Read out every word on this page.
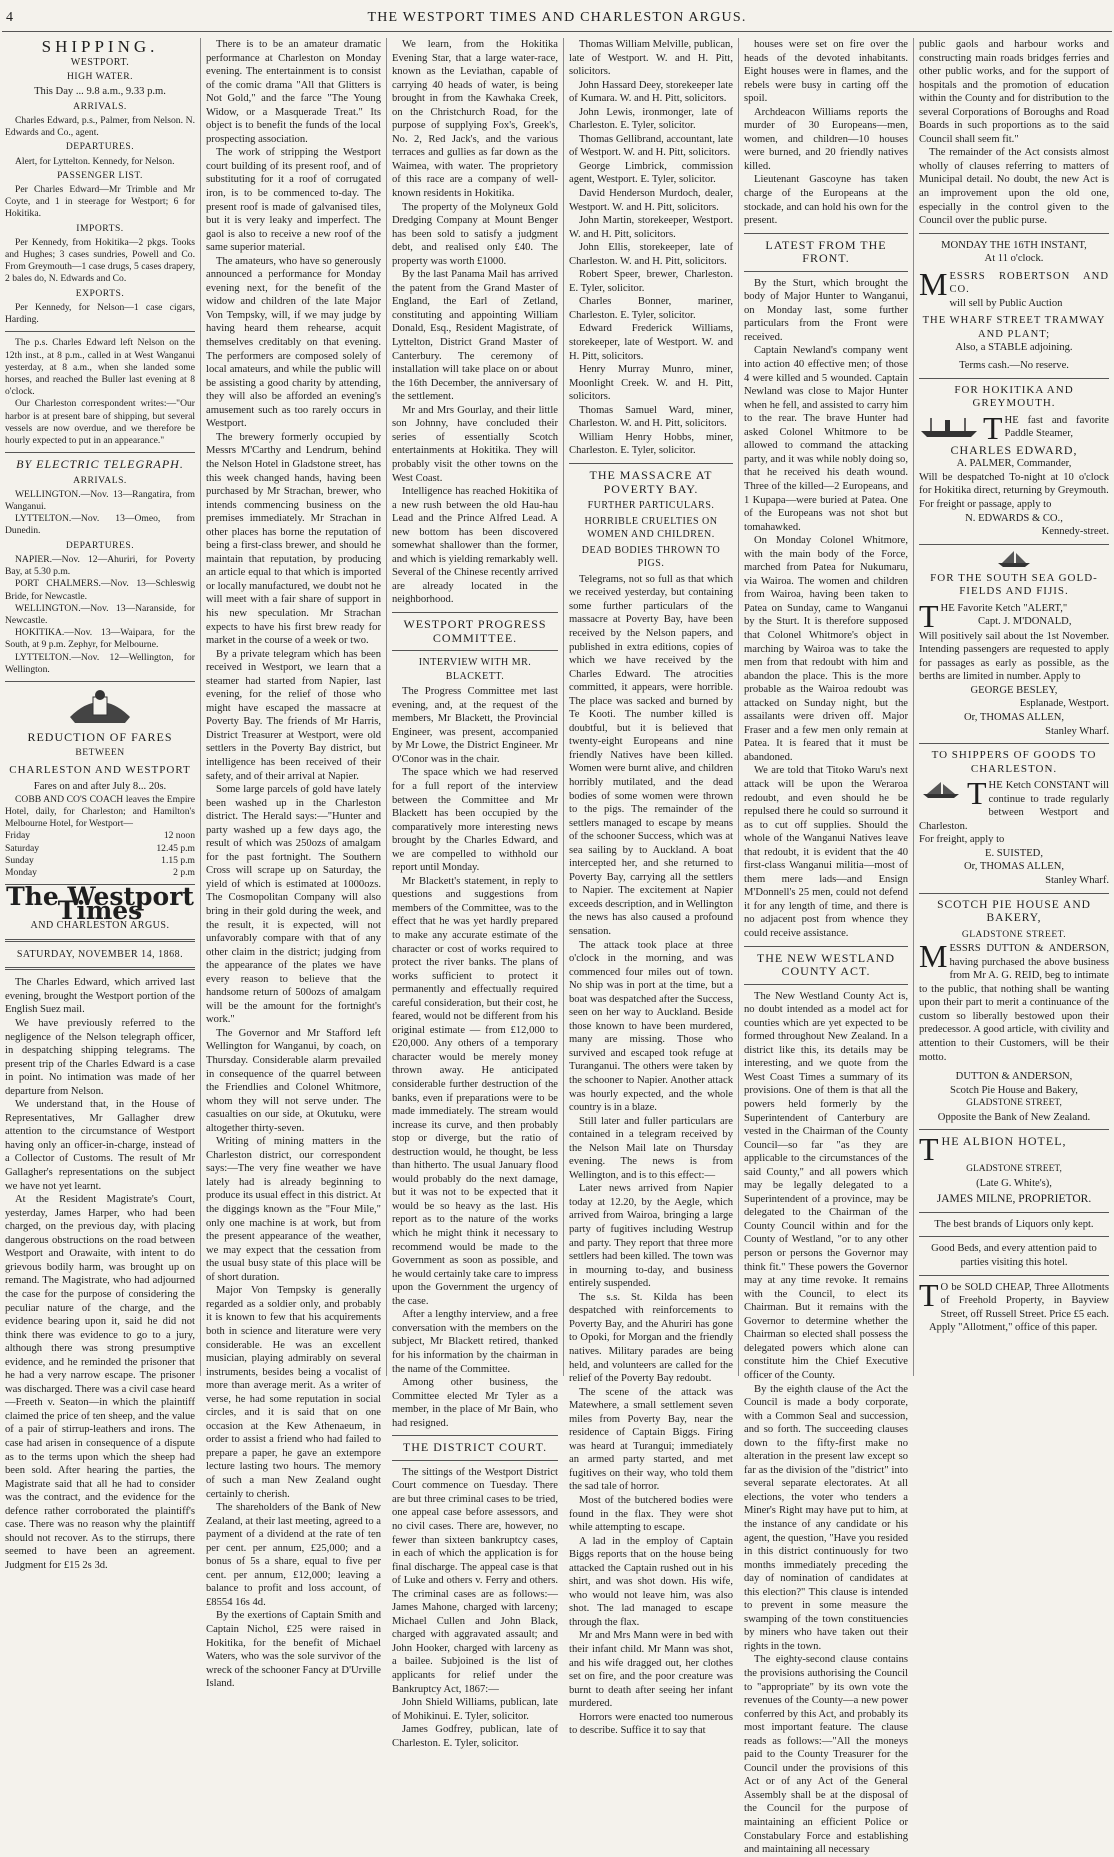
4	THE WESTPORT TIMES AND CHARLESTON ARGUS.
SHIPPING.
WESTPORT.
HIGH WATER.

This Day ... 9.8 a.m., 9.33 p.m.

ARRIVALS.

Charles Edward, p.s., Palmer, from Nelson. N. Edwards and Co., agent.

DEPARTURES.

Alert, for Lyttelton. Kennedy, for Nelson.

PASSENGER LIST.

Per Charles Edward—Mr Trimble and Mr Coyte, and 1 in steerage for Westport; 6 for Hokitika.

IMPORTS.

Per Kennedy, from Hokitika—2 pkgs. Tooks and Hughes; 3 cases sundries, Powell and Co. From Greymouth—1 case drugs, 5 cases drapery, 2 bales do, N. Edwards and Co.

EXPORTS.

Per Kennedy, for Nelson—1 case cigars, Harding.

The p.s. Charles Edward left Nelson on the 12th inst., at 8 p.m., called in at West Wanganui yesterday, at 8 a.m., when she landed some horses, and reached the Buller last evening at 8 o'clock.

Our Charleston correspondent writes:—"Our harbor is at present bare of shipping, but several vessels are now overdue, and we therefore be hourly expected to put in an appearance."

BY ELECTRIC TELEGRAPH.
ARRIVALS.

WELLINGTON.—Nov. 13—Rangatira, from Wanganui.

LYTTELTON.—Nov. 13—Omeo, from Dunedin.

DEPARTURES.

NAPIER.—Nov. 12—Ahuriri, for Poverty Bay, at 5.30 p.m.

PORT CHALMERS.—Nov. 13—Schleswig Bride, for Newcastle.

WELLINGTON.—Nov. 13—Naranside, for Newcastle.

HOKITIKA.—Nov. 13—Waipara, for the South, at 9 p.m. Zephyr, for Melbourne.

LYTTELTON.—Nov. 12—Wellington, for Wellington.

REDUCTION OF FARES
BETWEEN
CHARLESTON AND WESTPORT

Fares on and after July 8... 20s.

COBB AND CO'S COACH leaves the Empire Hotel, daily, for Charleston; and Hamilton's Melbourne Hotel, for Westport—

Friday	12 noon
Saturday	12.45 p.m
Sunday	1.15 p.m
Monday	2 p.m
The Westport Times
AND CHARLESTON ARGUS.
SATURDAY, NOVEMBER 14, 1868.

The Charles Edward, which arrived last evening, brought the Westport portion of the English Suez mail.

We have previously referred to the negligence of the Nelson telegraph officer, in despatching shipping telegrams. The present trip of the Charles Edward is a case in point. No intimation was made of her departure from Nelson.

We understand that, in the House of Representatives, Mr Gallagher drew attention to the circumstance of Westport having only an officer-in-charge, instead of a Collector of Customs. The result of Mr Gallagher's representations on the subject we have not yet learnt.

At the Resident Magistrate's Court, yesterday, James Harper, who had been charged, on the previous day, with placing dangerous obstructions on the road between Westport and Orawaite, with intent to do grievous bodily harm, was brought up on remand. The Magistrate, who had adjourned the case for the purpose of considering the peculiar nature of the charge, and the evidence bearing upon it, said he did not think there was evidence to go to a jury, although there was strong presumptive evidence, and he reminded the prisoner that he had a very narrow escape. The prisoner was discharged. There was a civil case heard—Freeth v. Seaton—in which the plaintiff claimed the price of ten sheep, and the value of a pair of stirrup-leathers and irons. The case had arisen in consequence of a dispute as to the terms upon which the sheep had been sold. After hearing the parties, the Magistrate said that all he had to consider was the contract, and the evidence for the defence rather corroborated the plaintiff's case. There was no reason why the plaintiff should not recover. As to the stirrups, there seemed to have been an agreement. Judgment for £15 2s 3d.

There is to be an amateur dramatic performance at Charleston on Monday evening. The entertainment is to consist of the comic drama "All that Glitters is Not Gold," and the farce "The Young Widow, or a Masquerade Treat." Its object is to benefit the funds of the local prospecting association.

The work of stripping the Westport court building of its present roof, and of substituting for it a roof of corrugated iron, is to be commenced to-day. The present roof is made of galvanised tiles, but it is very leaky and imperfect. The gaol is also to receive a new roof of the same superior material.

The amateurs, who have so generously announced a performance for Monday evening next, for the benefit of the widow and children of the late Major Von Tempsky, will, if we may judge by having heard them rehearse, acquit themselves creditably on that evening. The performers are composed solely of local amateurs, and while the public will be assisting a good charity by attending, they will also be afforded an evening's amusement such as too rarely occurs in Westport.

The brewery formerly occupied by Messrs M'Carthy and Lendrum, behind the Nelson Hotel in Gladstone street, has this week changed hands, having been purchased by Mr Strachan, brewer, who intends commencing business on the premises immediately. Mr Strachan in other places has borne the reputation of being a first-class brewer, and should he maintain that reputation, by producing an article equal to that which is imported or locally manufactured, we doubt not he will meet with a fair share of support in his new speculation. Mr Strachan expects to have his first brew ready for market in the course of a week or two.

By a private telegram which has been received in Westport, we learn that a steamer had started from Napier, last evening, for the relief of those who might have escaped the massacre at Poverty Bay. The friends of Mr Harris, District Treasurer at Westport, were old settlers in the Poverty Bay district, but intelligence has been received of their safety, and of their arrival at Napier.

Some large parcels of gold have lately been washed up in the Charleston district. The Herald says:—"Hunter and party washed up a few days ago, the result of which was 250ozs of amalgam for the past fortnight. The Southern Cross will scrape up on Saturday, the yield of which is estimated at 1000ozs. The Cosmopolitan Company will also bring in their gold during the week, and the result, it is expected, will not unfavorably compare with that of any other claim in the district; judging from the appearance of the plates we have every reason to believe that the handsome return of 500ozs of amalgam will be the amount for the fortnight's work."

The Governor and Mr Stafford left Wellington for Wanganui, by coach, on Thursday. Considerable alarm prevailed in consequence of the quarrel between the Friendlies and Colonel Whitmore, whom they will not serve under. The casualties on our side, at Okutuku, were altogether thirty-seven.

Writing of mining matters in the Charleston district, our correspondent says:—The very fine weather we have lately had is already beginning to produce its usual effect in this district. At the diggings known as the "Four Mile," only one machine is at work, but from the present appearance of the weather, we may expect that the cessation from the usual busy state of this place will be of short duration.

Major Von Tempsky is generally regarded as a soldier only, and probably it is known to few that his acquirements both in science and literature were very considerable. He was an excellent musician, playing admirably on several instruments, besides being a vocalist of more than average merit. As a writer of verse, he had some reputation in social circles, and it is said that on one occasion at the Kew Athenaeum, in order to assist a friend who had failed to prepare a paper, he gave an extempore lecture lasting two hours. The memory of such a man New Zealand ought certainly to cherish.

The shareholders of the Bank of New Zealand, at their last meeting, agreed to a payment of a dividend at the rate of ten per cent. per annum, £25,000; and a bonus of 5s a share, equal to five per cent. per annum, £12,000; leaving a balance to profit and loss account, of £8554 16s 4d.

By the exertions of Captain Smith and Captain Nichol, £25 were raised in Hokitika, for the benefit of Michael Waters, who was the sole survivor of the wreck of the schooner Fancy at D'Urville Island.

We learn, from the Hokitika Evening Star, that a large water-race, known as the Leviathan, capable of carrying 40 heads of water, is being brought in from the Kawhaka Creek, on the Christchurch Road, for the purpose of supplying Fox's, Greek's, No. 2, Red Jack's, and the various terraces and gullies as far down as the Waimea, with water. The proprietory of this race are a company of well-known residents in Hokitika.

The property of the Molyneux Gold Dredging Company at Mount Benger has been sold to satisfy a judgment debt, and realised only £40. The property was worth £1000.

By the last Panama Mail has arrived the patent from the Grand Master of England, the Earl of Zetland, constituting and appointing William Donald, Esq., Resident Magistrate, of Lyttelton, District Grand Master of Canterbury. The ceremony of installation will take place on or about the 16th December, the anniversary of the settlement.

Mr and Mrs Gourlay, and their little son Johnny, have concluded their series of essentially Scotch entertainments at Hokitika. They will probably visit the other towns on the West Coast.

Intelligence has reached Hokitika of a new rush between the old Hau-hau Lead and the Prince Alfred Lead. A new bottom has been discovered somewhat shallower than the former, and which is yielding remarkably well. Several of the Chinese recently arrived are already located in the neighborhood.

WESTPORT PROGRESS COMMITTEE.
INTERVIEW WITH MR. BLACKETT.

The Progress Committee met last evening, and, at the request of the members, Mr Blackett, the Provincial Engineer, was present, accompanied by Mr Lowe, the District Engineer. Mr O'Conor was in the chair.

The space which we had reserved for a full report of the interview between the Committee and Mr Blackett has been occupied by the comparatively more interesting news brought by the Charles Edward, and we are compelled to withhold our report until Monday.

Mr Blackett's statement, in reply to questions and suggestions from members of the Committee, was to the effect that he was yet hardly prepared to make any accurate estimate of the character or cost of works required to protect the river banks. The plans of works sufficient to protect it permanently and effectually required careful consideration, but their cost, he feared, would not be different from his original estimate — from £12,000 to £20,000. Any others of a temporary character would be merely money thrown away. He anticipated considerable further destruction of the banks, even if preparations were to be made immediately. The stream would increase its curve, and then probably stop or diverge, but the ratio of destruction would, he thought, be less than hitherto. The usual January flood would probably do the next damage, but it was not to be expected that it would be so heavy as the last. His report as to the nature of the works which he might think it necessary to recommend would be made to the Government as soon as possible, and he would certainly take care to impress upon the Government the urgency of the case.

After a lengthy interview, and a free conversation with the members on the subject, Mr Blackett retired, thanked for his information by the chairman in the name of the Committee.

Among other business, the Committee elected Mr Tyler as a member, in the place of Mr Bain, who had resigned.

THE DISTRICT COURT.

The sittings of the Westport District Court commence on Tuesday. There are but three criminal cases to be tried, one appeal case before assessors, and no civil cases. There are, however, no fewer than sixteen bankruptcy cases, in each of which the application is for final discharge. The appeal case is that of Luke and others v. Ferry and others. The criminal cases are as follows:—James Mahone, charged with larceny; Michael Cullen and John Black, charged with aggravated assault; and John Hooker, charged with larceny as a bailee. Subjoined is the list of applicants for relief under the Bankruptcy Act, 1867:—

John Shield Williams, publican, late of Mohikinui. E. Tyler, solicitor.

James Godfrey, publican, late of Charleston. E. Tyler, solicitor.

Thomas William Melville, publican, late of Westport. W. and H. Pitt, solicitors.

John Hassard Deey, storekeeper late of Kumara. W. and H. Pitt, solicitors.

John Lewis, ironmonger, late of Charleston. E. Tyler, solicitor.

Thomas Gellibrand, accountant, late of Westport. W. and H. Pitt, solicitors.

George Limbrick, commission agent, Westport. E. Tyler, solicitor.

David Henderson Murdoch, dealer, Westport. W. and H. Pitt, solicitors.

John Martin, storekeeper, Westport. W. and H. Pitt, solicitors.

John Ellis, storekeeper, late of Charleston. W. and H. Pitt, solicitors.

Robert Speer, brewer, Charleston. E. Tyler, solicitor.

Charles Bonner, mariner, Charleston. E. Tyler, solicitor.

Edward Frederick Williams, storekeeper, late of Westport. W. and H. Pitt, solicitors.

Henry Murray Munro, miner, Moonlight Creek. W. and H. Pitt, solicitors.

Thomas Samuel Ward, miner, Charleston. W. and H. Pitt, solicitors.

William Henry Hobbs, miner, Charleston. E. Tyler, solicitor.

THE MASSACRE AT POVERTY BAY.
FURTHER PARTICULARS.
HORRIBLE CRUELTIES ON WOMEN AND CHILDREN.
DEAD BODIES THROWN TO PIGS.

Telegrams, not so full as that which we received yesterday, but containing some further particulars of the massacre at Poverty Bay, have been received by the Nelson papers, and published in extra editions, copies of which we have received by the Charles Edward. The atrocities committed, it appears, were horrible. The place was sacked and burned by Te Kooti. The number killed is doubtful, but it is believed that twenty-eight Europeans and nine friendly Natives have been killed. Women were burnt alive, and children horribly mutilated, and the dead bodies of some women were thrown to the pigs. The remainder of the settlers managed to escape by means of the schooner Success, which was at sea sailing by to Auckland. A boat intercepted her, and she returned to Poverty Bay, carrying all the settlers to Napier. The excitement at Napier exceeds description, and in Wellington the news has also caused a profound sensation.

The attack took place at three o'clock in the morning, and was commenced four miles out of town. No ship was in port at the time, but a boat was despatched after the Success, seen on her way to Auckland. Beside those known to have been murdered, many are missing. Those who survived and escaped took refuge at Turanganui. The others were taken by the schooner to Napier. Another attack was hourly expected, and the whole country is in a blaze.

Still later and fuller particulars are contained in a telegram received by the Nelson Mail late on Thursday evening. The news is from Wellington, and is to this effect:—

Later news arrived from Napier today at 12.20, by the Aegle, which arrived from Wairoa, bringing a large party of fugitives including Westrup and party. They report that three more settlers had been killed. The town was in mourning to-day, and business entirely suspended.

The s.s. St. Kilda has been despatched with reinforcements to Poverty Bay, and the Ahuriri has gone to Opoki, for Morgan and the friendly natives. Military parades are being held, and volunteers are called for the relief of the Poverty Bay redoubt.

The scene of the attack was Matewhere, a small settlement seven miles from Poverty Bay, near the residence of Captain Biggs. Firing was heard at Turangui; immediately an armed party started, and met fugitives on their way, who told them the sad tale of horror.

Most of the butchered bodies were found in the flax. They were shot while attempting to escape.

A lad in the employ of Captain Biggs reports that on the house being attacked the Captain rushed out in his shirt, and was shot down. His wife, who would not leave him, was also shot. The lad managed to escape through the flax.

Mr and Mrs Mann were in bed with their infant child. Mr Mann was shot, and his wife dragged out, her clothes set on fire, and the poor creature was burnt to death after seeing her infant murdered.

Horrors were enacted too numerous to describe. Suffice it to say that

houses were set on fire over the heads of the devoted inhabitants. Eight houses were in flames, and the rebels were busy in carting off the spoil.

Archdeacon Williams reports the murder of 30 Europeans—men, women, and children—10 houses were burned, and 20 friendly natives killed.

Lieutenant Gascoyne has taken charge of the Europeans at the stockade, and can hold his own for the present.

LATEST FROM THE FRONT.

By the Sturt, which brought the body of Major Hunter to Wanganui, on Monday last, some further particulars from the Front were received.

Captain Newland's company went into action 40 effective men; of those 4 were killed and 5 wounded. Captain Newland was close to Major Hunter when he fell, and assisted to carry him to the rear. The brave Hunter had asked Colonel Whitmore to be allowed to command the attacking party, and it was while nobly doing so, that he received his death wound. Three of the killed—2 Europeans, and 1 Kupapa—were buried at Patea. One of the Europeans was not shot but tomahawked.

On Monday Colonel Whitmore, with the main body of the Force, marched from Patea for Nukumaru, via Wairoa. The women and children from Wairoa, having been taken to Patea on Sunday, came to Wanganui by the Sturt. It is therefore supposed that Colonel Whitmore's object in marching by Wairoa was to take the men from that redoubt with him and abandon the place. This is the more probable as the Wairoa redoubt was attacked on Sunday night, but the assailants were driven off. Major Fraser and a few men only remain at Patea. It is feared that it must be abandoned.

We are told that Titoko Waru's next attack will be upon the Weraroa redoubt, and even should he be repulsed there he could so surround it as to cut off supplies. Should the whole of the Wanganui Natives leave that redoubt, it is evident that the 40 first-class Wanganui militia—most of them mere lads—and Ensign M'Donnell's 25 men, could not defend it for any length of time, and there is no adjacent post from whence they could receive assistance.

THE NEW WESTLAND COUNTY ACT.

The New Westland County Act is, no doubt intended as a model act for counties which are yet expected to be formed throughout New Zealand. In a district like this, its details may be interesting, and we quote from the West Coast Times a summary of its provisions. One of them is that all the powers held formerly by the Superintendent of Canterbury are vested in the Chairman of the County Council—so far "as they are applicable to the circumstances of the said County," and all powers which may be legally delegated to a Superintendent of a province, may be delegated to the Chairman of the County Council within and for the County of Westland, "or to any other person or persons the Governor may think fit." These powers the Governor may at any time revoke. It remains with the Council, to elect its Chairman. But it remains with the Governor to determine whether the Chairman so elected shall possess the delegated powers which alone can constitute him the Chief Executive officer of the County.

By the eighth clause of the Act the Council is made a body corporate, with a Common Seal and succession, and so forth. The succeeding clauses down to the fifty-first make no alteration in the present law except so far as the division of the "district" into several separate electorates. At all elections, the voter who tenders a Miner's Right may have put to him, at the instance of any candidate or his agent, the question, "Have you resided in this district continuously for two months immediately preceding the day of nomination of candidates at this election?" This clause is intended to prevent in some measure the swamping of the town constituencies by miners who have taken out their rights in the town.

The eighty-second clause contains the provisions authorising the Council to "appropriate" by its own vote the revenues of the County—a new power conferred by this Act, and probably its most important feature. The clause reads as follows:—"All the moneys paid to the County Treasurer for the Council under the provisions of this Act or of any Act of the General Assembly shall be at the disposal of the Council for the purpose of maintaining an efficient Police or Constabulary Force and establishing and maintaining all necessary

public gaols and harbour works and constructing main roads bridges ferries and other public works, and for the support of hospitals and the promotion of education within the County and for distribution to the several Corporations of Boroughs and Road Boards in such proportions as to the said Council shall seem fit."

The remainder of the Act consists almost wholly of clauses referring to matters of Municipal detail. No doubt, the new Act is an improvement upon the old one, especially in the control given to the Council over the public purse.

MONDAY THE 16TH INSTANT,

At 11 o'clock.

MESSRS ROBERTSON AND CO.

will sell by Public Auction

THE WHARF STREET TRAMWAY AND PLANT;

Also, a STABLE adjoining.

Terms cash.—No reserve.

FOR HOKITIKA AND GREYMOUTH.

THE fast and favorite Paddle Steamer,

CHARLES EDWARD,

A. PALMER, Commander,

Will be despatched To-night at 10 o'clock for Hokitika direct, returning by Greymouth.

For freight or passage, apply to

N. EDWARDS & CO.,

Kennedy-street.

FOR THE SOUTH SEA GOLD-FIELDS AND FIJIS.

THE Favorite Ketch "ALERT,"

Capt. J. M'DONALD,

Will positively sail about the 1st November. Intending passengers are requested to apply for passages as early as possible, as the berths are limited in number. Apply to

GEORGE BESLEY,

Esplanade, Westport.

Or, THOMAS ALLEN,

Stanley Wharf.

TO SHIPPERS OF GOODS TO CHARLESTON.

THE Ketch CONSTANT will continue to trade regularly between Westport and Charleston.

For freight, apply to

E. SUISTED,

Or, THOMAS ALLEN,

Stanley Wharf.

SCOTCH PIE HOUSE AND BAKERY,

GLADSTONE STREET.

MESSRS DUTTON & ANDERSON, having purchased the above business from Mr A. G. REID, beg to intimate to the public, that nothing shall be wanting upon their part to merit a continuance of the custom so liberally bestowed upon their predecessor. A good article, with civility and attention to their Customers, will be their motto.

DUTTON & ANDERSON,

Scotch Pie House and Bakery,

GLADSTONE STREET,

Opposite the Bank of New Zealand.

THE ALBION HOTEL,

GLADSTONE STREET,

(Late G. White's),

JAMES MILNE, PROPRIETOR.

The best brands of Liquors only kept.

Good Beds, and every attention paid to parties visiting this hotel.

T O be SOLD CHEAP, Three Allotments of Freehold Property, in Bayview Street, off Russell Street. Price £5 each.

Apply "Allotment," office of this paper.
